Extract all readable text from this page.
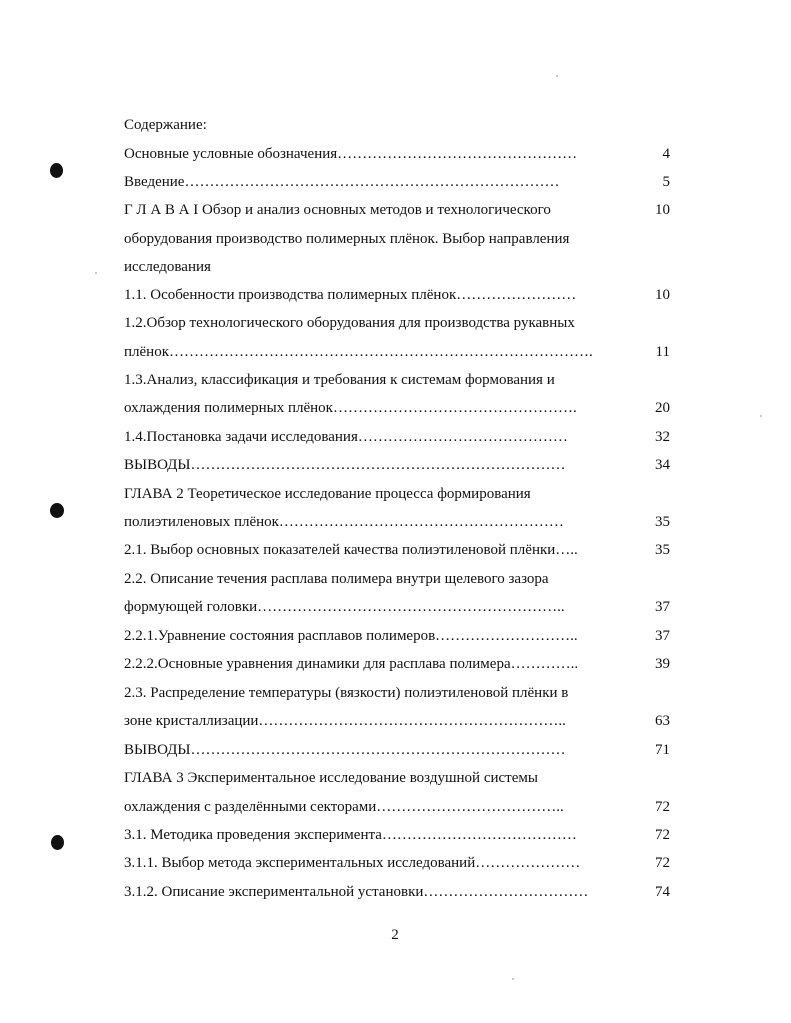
Содержание:
Основные условные обозначения…………………………………………	4
Введение…………………………………………………………………	5
Г Л А В А I Обзор и анализ основных методов и технологического	10
оборудования производство полимерных плёнок. Выбор направления
исследования
1.1. Особенности производства полимерных плёнок……………………	10
1.2.Обзор технологического оборудования для производства рукавных
плёнок………………………………………………………………………….	11
1.3.Анализ, классификация и требования к системам формования и
охлаждения полимерных плёнок………………………………………….	20
1.4.Постановка задачи исследования……………………………………	32
ВЫВОДЫ…………………………………………………………………	34
ГЛАВА 2 Теоретическое исследование процесса формирования
полиэтиленовых плёнок…………………………………………………	35
2.1. Выбор основных показателей качества полиэтиленовой плёнки…..	35
2.2. Описание течения расплава полимера внутри щелевого зазора
формующей головки……………………………………………………..	37
2.2.1.Уравнение состояния расплавов полимеров………………………..	37
2.2.2.Основные уравнения динамики для расплава полимера…………..	39
2.3. Распределение температуры (вязкости) полиэтиленовой плёнки в
зоне кристаллизации……………………………………………………..	63
ВЫВОДЫ…………………………………………………………………	71
ГЛАВА 3 Экспериментальное исследование воздушной системы
охлаждения с разделёнными секторами………………………………..	72
3.1. Методика проведения эксперимента…………………………………	72
3.1.1. Выбор метода экспериментальных исследований…………………	72
3.1.2. Описание экспериментальной установки……………………………	74
2
